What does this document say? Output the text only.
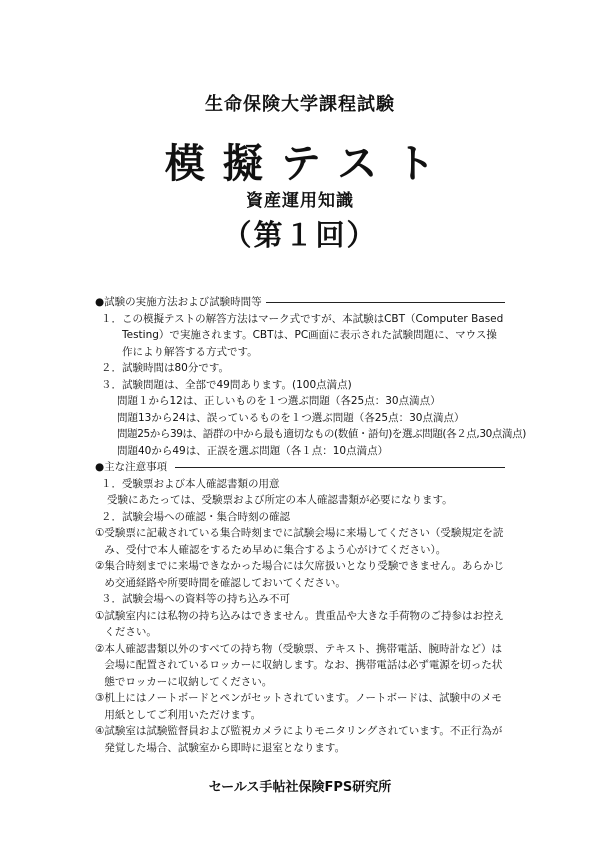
生命保険大学課程試験
模擬テスト
資産運用知識
（第１回）
●試験の実施方法および試験時間等
１． この模擬テストの解答方法はマーク式ですが、本試験はCBT（Computer Based Testing）で実施されます。CBTは、PC画面に表示された試験問題に、マウス操作により解答する方式です。
２． 試験時間は80分です。
３． 試験問題は、全部で49問あります。(100点満点)
問題１から12は、正しいものを１つ選ぶ問題（各25点：30点満点）
問題13から24は、誤っているものを１つ選ぶ問題（各25点：30点満点）
問題25から39は、語群の中から最も適切なもの(数値・語句)を選ぶ問題(各２点,30点満点)
問題40から49は、正誤を選ぶ問題（各１点：10点満点）
●主な注意事項
１．受験票および本人確認書類の用意
受験にあたっては、受験票および所定の本人確認書類が必要になります。
２．試験会場への確認・集合時刻の確認
① 受験票に記載されている集合時刻までに試験会場に来場してください（受験規定を読み、受付で本人確認をするため早めに集合するよう心がけてください）。
② 集合時刻までに来場できなかった場合には欠席扱いとなり受験できません。あらかじめ交通経路や所要時間を確認しておいてください。
３．試験会場への資料等の持ち込み不可
① 試験室内には私物の持ち込みはできません。貴重品や大きな手荷物のご持参はお控えください。
② 本人確認書類以外のすべての持ち物（受験票、テキスト、携帯電話、腕時計など）は会場に配置されているロッカーに収納します。なお、携帯電話は必ず電源を切った状態でロッカーに収納してください。
③ 机上にはノートボードとペンがセットされています。ノートボードは、試験中のメモ用紙としてご利用いただけます。
④ 試験室は試験監督員および監視カメラによりモニタリングされています。不正行為が発覚した場合、試験室から即時に退室となります。
セールス手帖社保険FPS研究所
